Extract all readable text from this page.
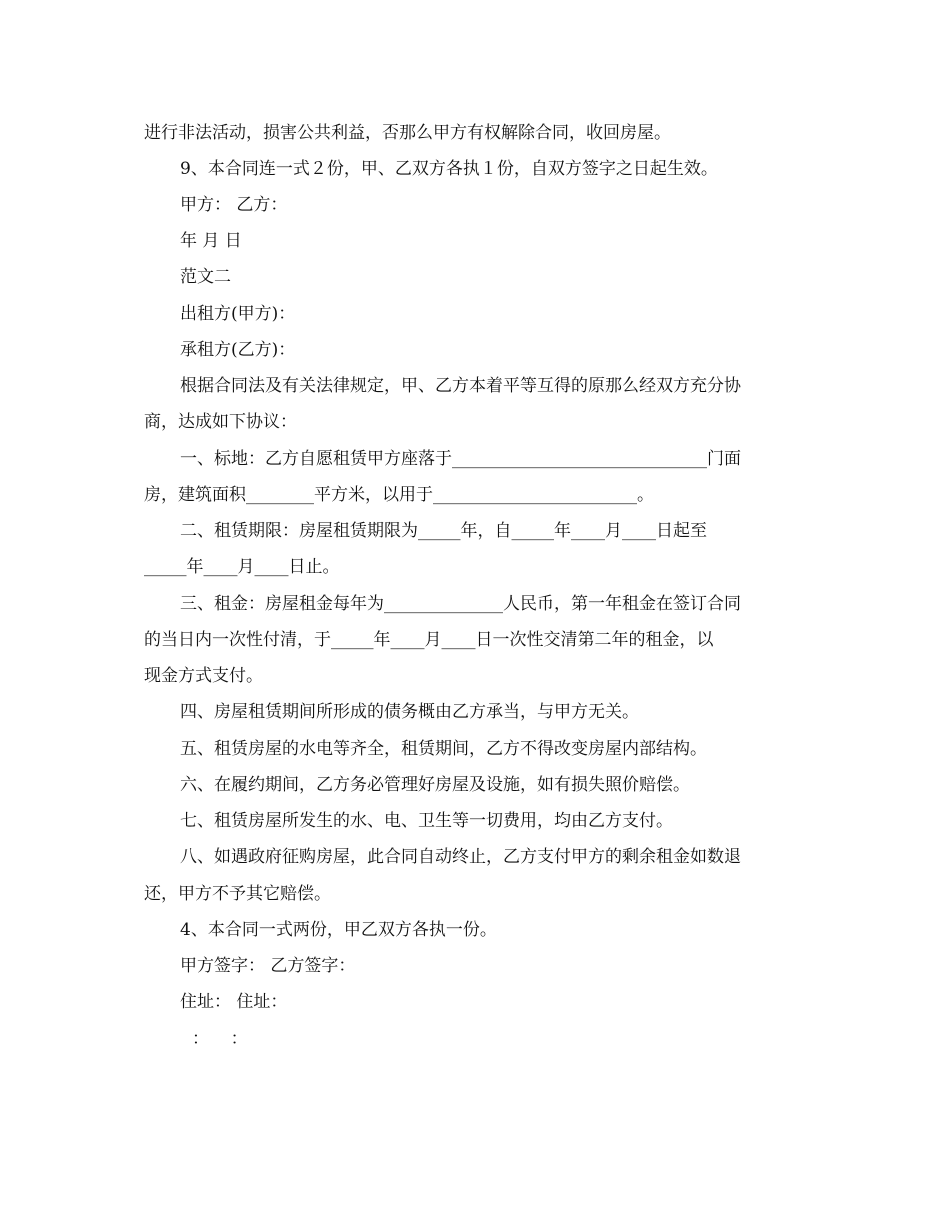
进行非法活动，损害公共利益，否那么甲方有权解除合同，收回房屋。
9、本合同连一式２份，甲、乙双方各执１份，自双方签字之日起生效。
甲方： 乙方：
年 月 日
范文二
出租方(甲方)：
承租方(乙方)：
根据合同法及有关法律规定，甲、乙方本着平等互得的原那么经双方充分协
商，达成如下协议：
一、标地：乙方自愿租赁甲方座落于______________________________门面
房，建筑面积________平方米，以用于________________________。
二、租赁期限：房屋租赁期限为_____年，自_____年____月____日起至
_____年____月____日止。
三、租金：房屋租金每年为______________人民币，第一年租金在签订合同
的当日内一次性付清，于_____年____月____日一次性交清第二年的租金，以
现金方式支付。
四、房屋租赁期间所形成的债务概由乙方承当，与甲方无关。
五、租赁房屋的水电等齐全，租赁期间，乙方不得改变房屋内部结构。
六、在履约期间，乙方务必管理好房屋及设施，如有损失照价赔偿。
七、租赁房屋所发生的水、电、卫生等一切费用，均由乙方支付。
八、如遇政府征购房屋，此合同自动终止，乙方支付甲方的剩余租金如数退
还，甲方不予其它赔偿。
4、本合同一式两份，甲乙双方各执一份。
甲方签字： 乙方签字：
住址： 住址：
：    ：
